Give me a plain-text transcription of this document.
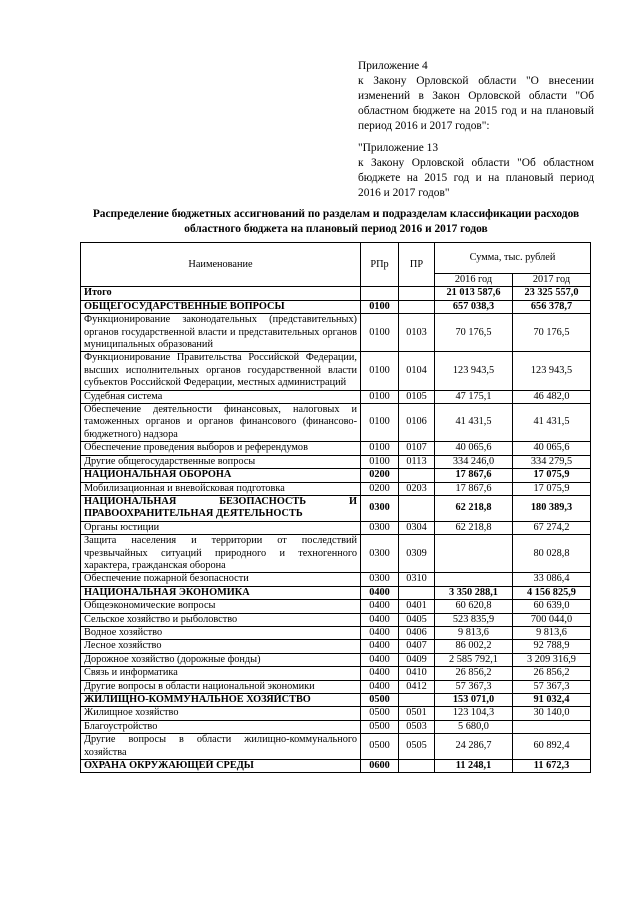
Приложение 4

к Закону Орловской области "О внесении изменений в Закон Орловской области "Об областном бюджете на 2015 год и на плановый период 2016 и 2017 годов":

"Приложение 13

к Закону Орловской области "Об областном бюджете на 2015 год и на плановый период 2016 и 2017 годов"

Распределение бюджетных ассигнований по разделам и подразделам классификации расходов областного бюджета на плановый период 2016 и 2017 годов
Наименование	РПр	ПР	Сумма, тыс. рублей	
			2016 год	2017 год
Итого			21 013 587,6	23 325 557,0
ОБЩЕГОСУДАРСТВЕННЫЕ ВОПРОСЫ	0100		657 038,3	656 378,7
Функционирование законодательных (представительных) органов государственной власти и представительных органов муниципальных образований	0100	0103	70 176,5	70 176,5
Функционирование Правительства Российской Федерации, высших исполнительных органов государственной власти субъектов Российской Федерации, местных администраций	0100	0104	123 943,5	123 943,5
Судебная система	0100	0105	47 175,1	46 482,0
Обеспечение деятельности финансовых, налоговых и таможенных органов и органов финансового (финансово-бюджетного) надзора	0100	0106	41 431,5	41 431,5
Обеспечение проведения выборов и референдумов	0100	0107	40 065,6	40 065,6
Другие общегосударственные вопросы	0100	0113	334 246,0	334 279,5
НАЦИОНАЛЬНАЯ ОБОРОНА	0200		17 867,6	17 075,9
Мобилизационная и вневойсковая подготовка	0200	0203	17 867,6	17 075,9
НАЦИОНАЛЬНАЯ БЕЗОПАСНОСТЬ И ПРАВООХРАНИТЕЛЬНАЯ ДЕЯТЕЛЬНОСТЬ	0300		62 218,8	180 389,3
Органы юстиции	0300	0304	62 218,8	67 274,2
Защита населения и территории от последствий чрезвычайных ситуаций природного и техногенного характера, гражданская оборона	0300	0309		80 028,8
Обеспечение пожарной безопасности	0300	0310		33 086,4
НАЦИОНАЛЬНАЯ ЭКОНОМИКА	0400		3 350 288,1	4 156 825,9
Общеэкономические вопросы	0400	0401	60 620,8	60 639,0
Сельское хозяйство и рыболовство	0400	0405	523 835,9	700 044,0
Водное хозяйство	0400	0406	9 813,6	9 813,6
Лесное хозяйство	0400	0407	86 002,2	92 788,9
Дорожное хозяйство (дорожные фонды)	0400	0409	2 585 792,1	3 209 316,9
Связь и информатика	0400	0410	26 856,2	26 856,2
Другие вопросы в области национальной экономики	0400	0412	57 367,3	57 367,3
ЖИЛИЩНО-КОММУНАЛЬНОЕ ХОЗЯЙСТВО	0500		153 071,0	91 032,4
Жилищное хозяйство	0500	0501	123 104,3	30 140,0
Благоустройство	0500	0503	5 680,0	
Другие вопросы в области жилищно-коммунального хозяйства	0500	0505	24 286,7	60 892,4
ОХРАНА ОКРУЖАЮЩЕЙ СРЕДЫ	0600		11 248,1	11 672,3
